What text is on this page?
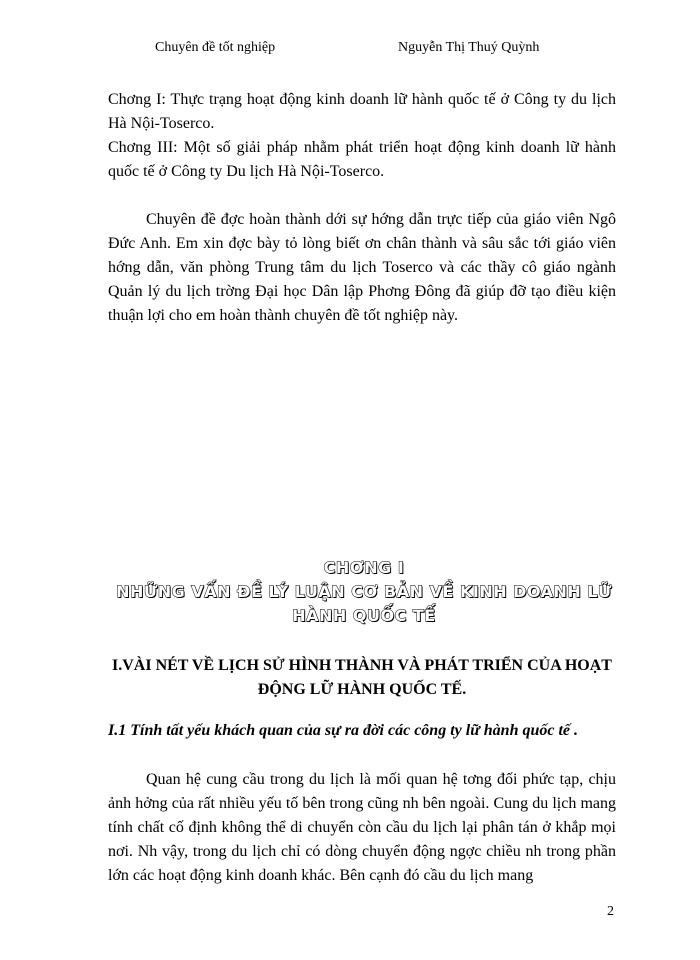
Chuyên đề tốt nghiệp	Nguyễn Thị Thuý Quỳnh
Chơng I: Thực trạng hoạt động kinh doanh lữ hành quốc tế ở Công ty du lịch Hà Nội-Toserco.
Chơng III: Một số giải pháp nhằm phát triển hoạt động kinh doanh lữ hành quốc tế ở Công ty Du lịch Hà Nội-Toserco.
Chuyên đề đợc hoàn thành dới sự hớng dẫn trực tiếp của giáo viên Ngô Đức Anh. Em xin đợc bày tỏ lòng biết ơn chân thành và sâu sắc tới giáo viên hớng dẫn, văn phòng Trung tâm du lịch Toserco và các thầy cô giáo ngành Quản lý du lịch trờng Đại học Dân lập Phơng Đông đã giúp đỡ tạo điều kiện thuận lợi cho em hoàn thành chuyên đề tốt nghiệp này.
CHƠNG I
NHỮNG VẤN ĐỀ LÝ LUẬN CƠ BẢN VỀ KINH DOANH LỮ HÀNH QUỐC TẾ
I.VÀI NÉT VỀ LỊCH SỬ HÌNH THÀNH VÀ PHÁT TRIỂN CỦA HOẠT ĐỘNG LỮ HÀNH QUỐC TẾ.
I.1 Tính tất yếu khách quan của sự ra đời các công ty lữ hành quốc tế .
Quan hệ cung cầu trong du lịch là mối quan hệ tơng đối phức tạp, chịu ảnh hởng của rất nhiều yếu tố bên trong cũng nh bên ngoài. Cung du lịch mang tính chất cố định không thể di chuyển còn cầu du lịch lại phân tán ở khắp mọi nơi. Nh vậy, trong du lịch chỉ có dòng chuyển động ngợc chiều nh trong phần lớn các hoạt động kinh doanh khác. Bên cạnh đó cầu du lịch mang
2
